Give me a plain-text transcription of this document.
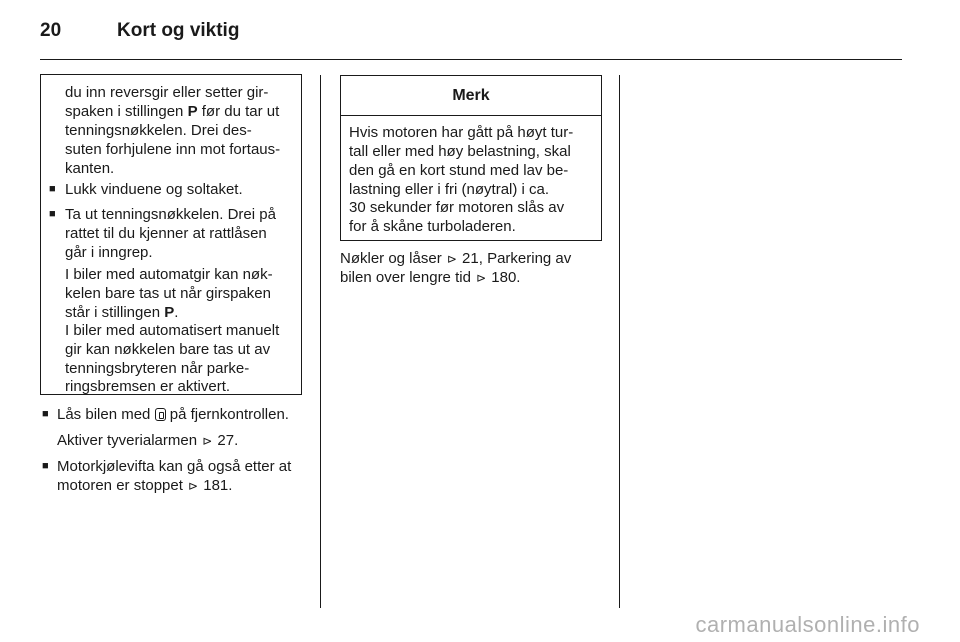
20	Kort og viktig
du inn reversgir eller setter gir-
spaken i stillingen P før du tar ut
tenningsnøkkelen. Drei des-
suten forhjulene inn mot fortaus-
kanten.
■ Lukk vinduene og soltaket.
■ Ta ut tenningsnøkkelen. Drei på
rattet til du kjenner at rattlåsen
går i inngrep.
I biler med automatgir kan nøk-
kelen bare tas ut når girspaken
står i stillingen P.
I biler med automatisert manuelt
gir kan nøkkelen bare tas ut av
tenningsbryteren når parke-
ringsbremsen er aktivert.
■ Lås bilen med  på fjernkontrollen.
Aktiver tyverialarmen ⊳ 27.
■ Motorkjølevifta kan gå også etter at
motoren er stoppet ⊳ 181.
Merk
Hvis motoren har gått på høyt tur-
tall eller med høy belastning, skal
den gå en kort stund med lav be-
lastning eller i fri (nøytral) i ca.
30 sekunder før motoren slås av
for å skåne turboladeren.
Nøkler og låser ⊳ 21, Parkering av
bilen over lengre tid ⊳ 180.
carmanualsonline.info
